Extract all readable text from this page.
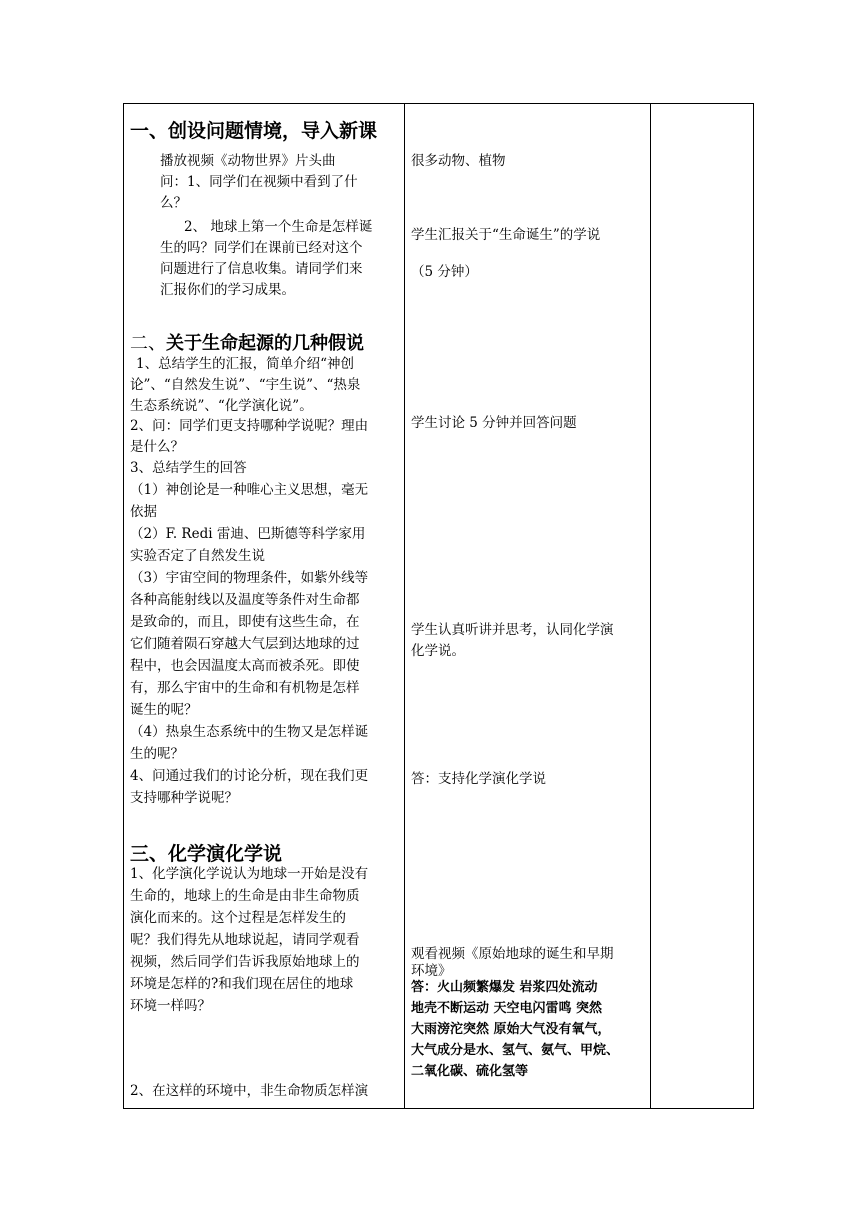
一、创设问题情境，导入新课
播放视频《动物世界》片头曲
问：1、同学们在视频中看到了什
么？
2、 地球上第一个生命是怎样诞
生的吗？同学们在课前已经对这个
问题进行了信息收集。请同学们来
汇报你们的学习成果。
二、关于生命起源的几种假说
1、总结学生的汇报，简单介绍“神创
论”、“自然发生说”、“宇生说”、“热泉
生态系统说”、“化学演化说”。
2、问：同学们更支持哪种学说呢？理由
是什么？
3、总结学生的回答
（1）神创论是一种唯心主义思想，毫无
依据
（2）F. Redi 雷迪、巴斯德等科学家用
实验否定了自然发生说
（3）宇宙空间的物理条件，如紫外线等
各种高能射线以及温度等条件对生命都
是致命的，而且，即使有这些生命，在
它们随着陨石穿越大气层到达地球的过
程中，也会因温度太高而被杀死。即使
有，那么宇宙中的生命和有机物是怎样
诞生的呢？
（4）热泉生态系统中的生物又是怎样诞
生的呢？
4、问通过我们的讨论分析，现在我们更
支持哪种学说呢？
三、化学演化学说
1、化学演化学说认为地球一开始是没有
生命的，地球上的生命是由非生命物质
演化而来的。这个过程是怎样发生的
呢？我们得先从地球说起，请同学观看
视频，然后同学们告诉我原始地球上的
环境是怎样的?和我们现在居住的地球
环境一样吗？
2、在这样的环境中，非生命物质怎样演
很多动物、植物
学生汇报关于“生命诞生”的学说
（5 分钟）
学生讨论 5 分钟并回答问题
学生认真听讲并思考，认同化学演
化学说。
答：支持化学演化学说
观看视频《原始地球的诞生和早期
环境》
答：火山频繁爆发 岩浆四处流动
地壳不断运动 天空电闪雷鸣 突然
大雨滂沱突然 原始大气没有氧气，
大气成分是水、氢气、氨气、甲烷、
二氧化碳、硫化氢等
